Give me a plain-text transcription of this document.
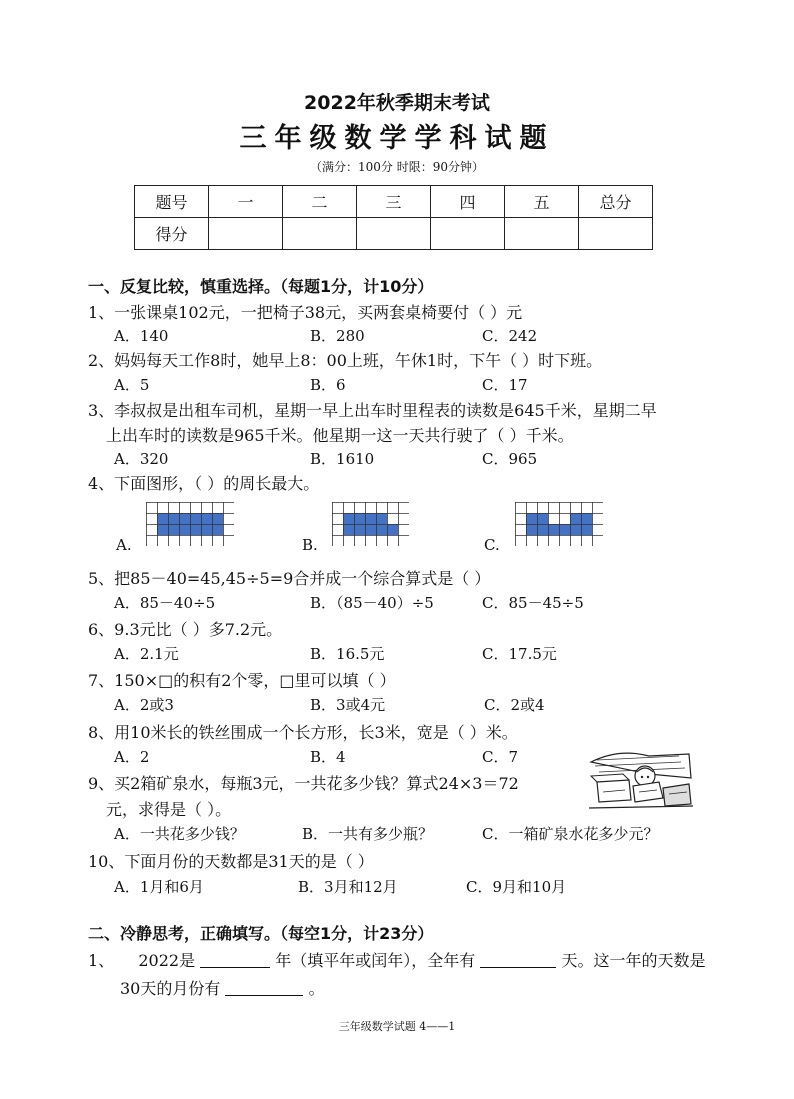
2022年秋季期末考试
三年级数学学科试题
（满分：100分 时限：90分钟）
题号	一	二	三	四	五	总分
得分						
一、反复比较，慎重选择。（每题1分，计10分）
1、一张课桌102元，一把椅子38元，买两套桌椅要付（ ）元
A．140	B．280	C．242
2、妈妈每天工作8时，她早上8：00上班，午休1时，下午（ ）时下班。
A．5	B．6	C．17
3、李叔叔是出租车司机，星期一早上出车时里程表的读数是645千米，星期二早
上出车时的读数是965千米。他星期一这一天共行驶了（ ）千米。
A．320	B．1610	C．965
4、下面图形，（ ）的周长最大。
A.	B.	C.
5、把85－40=45,45÷5=9合并成一个综合算式是（ ）
A．85－40÷5	B．（85－40）÷5	C．85－45÷5
6、9.3元比（ ）多7.2元。
A．2.1元	B．16.5元	C．17.5元
7、150×□的积有2个零，□里可以填（ ）
A．2或3	B．3或4元	C．2或4
8、用10米长的铁丝围成一个长方形，长3米，宽是（ ）米。
A．2	B．4	C．7
9、买2箱矿泉水，每瓶3元，一共花多少钱？算式24×3＝72
元，求得是（ ）。
A．一共花多少钱？	B．一共有多少瓶？	C．一箱矿泉水花多少元？
10、下面月份的天数都是31天的是（ ）
A．1月和6月	B．3月和12月	C．9月和10月
二、冷静思考，正确填写。（每空1分，计23分）
1、 2022是	年（填平年或闰年），全年有	天。这一年的天数是
30天的月份有	。
三年级数学试题 4——1
